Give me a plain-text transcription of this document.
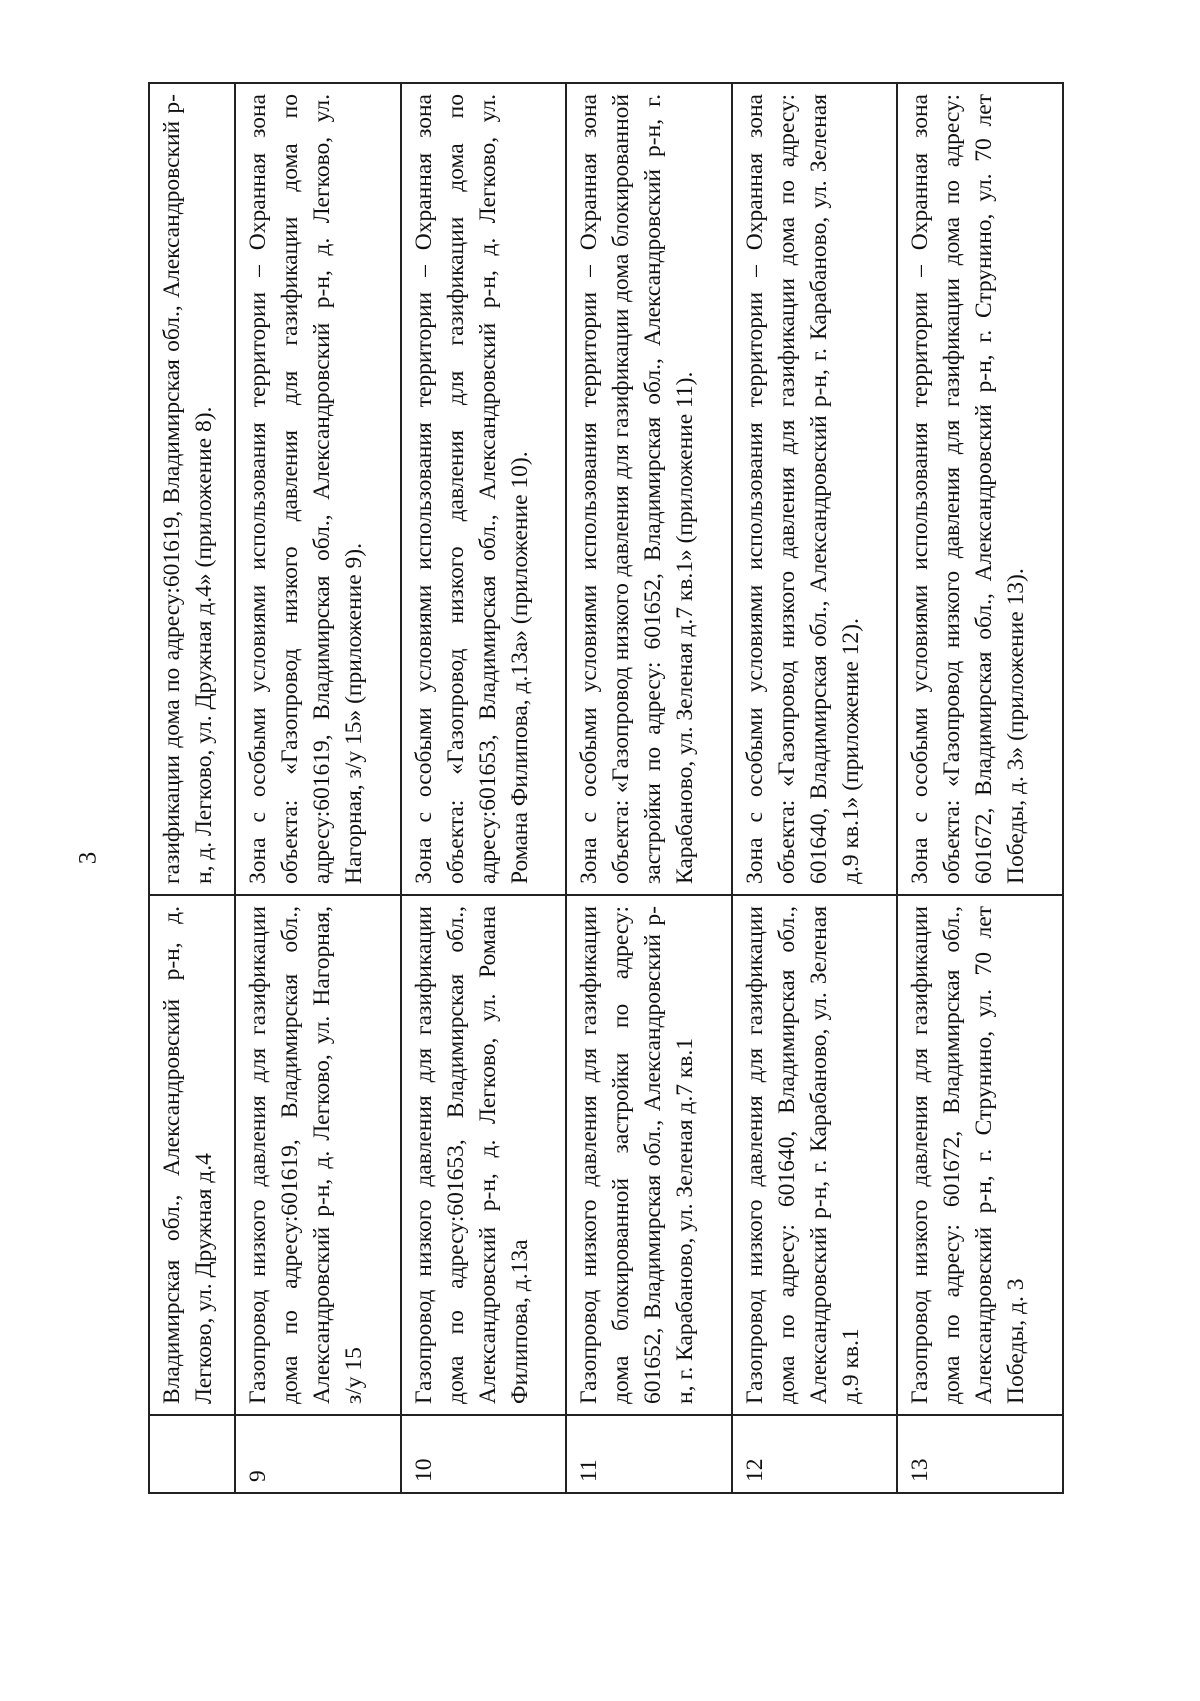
3
	Владимирская обл., Александровский р-н, д. Легково, ул. Дружная д.4	газификации дома по адресу:601619, Владимирская обл., Александровский р-н, д. Легково, ул. Дружная д.4» (приложение 8).
9	Газопровод низкого давления для газификации дома по адресу:601619, Владимирская обл., Александровский р-н, д. Легково, ул. Нагорная, з/у 15	Зона с особыми условиями использования территории – Охранная зона объекта: «Газопровод низкого давления для газификации дома по адресу:601619, Владимирская обл., Александровский р-н, д. Легково, ул. Нагорная, з/у 15» (приложение 9).
10	Газопровод низкого давления для газификации дома по адресу:601653, Владимирская обл., Александровский р-н, д. Легково, ул. Романа Филипова, д.13а	Зона с особыми условиями использования территории – Охранная зона объекта: «Газопровод низкого давления для газификации дома по адресу:601653, Владимирская обл., Александровский р-н, д. Легково, ул. Романа Филипова, д.13а» (приложение 10).
11	Газопровод низкого давления для газификации дома блокированной застройки по адресу: 601652, Владимирская обл., Александровский р-н, г. Карабаново, ул. Зеленая д.7 кв.1	Зона с особыми условиями использования территории – Охранная зона объекта: «Газопровод низкого давления для газификации дома блокированной застройки по адресу: 601652, Владимирская обл., Александровский р-н, г. Карабаново, ул. Зеленая д.7 кв.1» (приложение 11).
12	Газопровод низкого давления для газификации дома по адресу: 601640, Владимирская обл., Александровский р-н, г. Карабаново, ул. Зеленая д.9 кв.1	Зона с особыми условиями использования территории – Охранная зона объекта: «Газопровод низкого давления для газификации дома по адресу: 601640, Владимирская обл., Александровский р-н, г. Карабаново, ул. Зеленая д.9 кв.1» (приложение 12).
13	Газопровод низкого давления для газификации дома по адресу: 601672, Владимирская обл., Александровский р-н, г. Струнино, ул. 70 лет Победы, д. 3	Зона с особыми условиями использования территории – Охранная зона объекта: «Газопровод низкого давления для газификации дома по адресу: 601672, Владимирская обл., Александровский р-н, г. Струнино, ул. 70 лет Победы, д. 3» (приложение 13).
